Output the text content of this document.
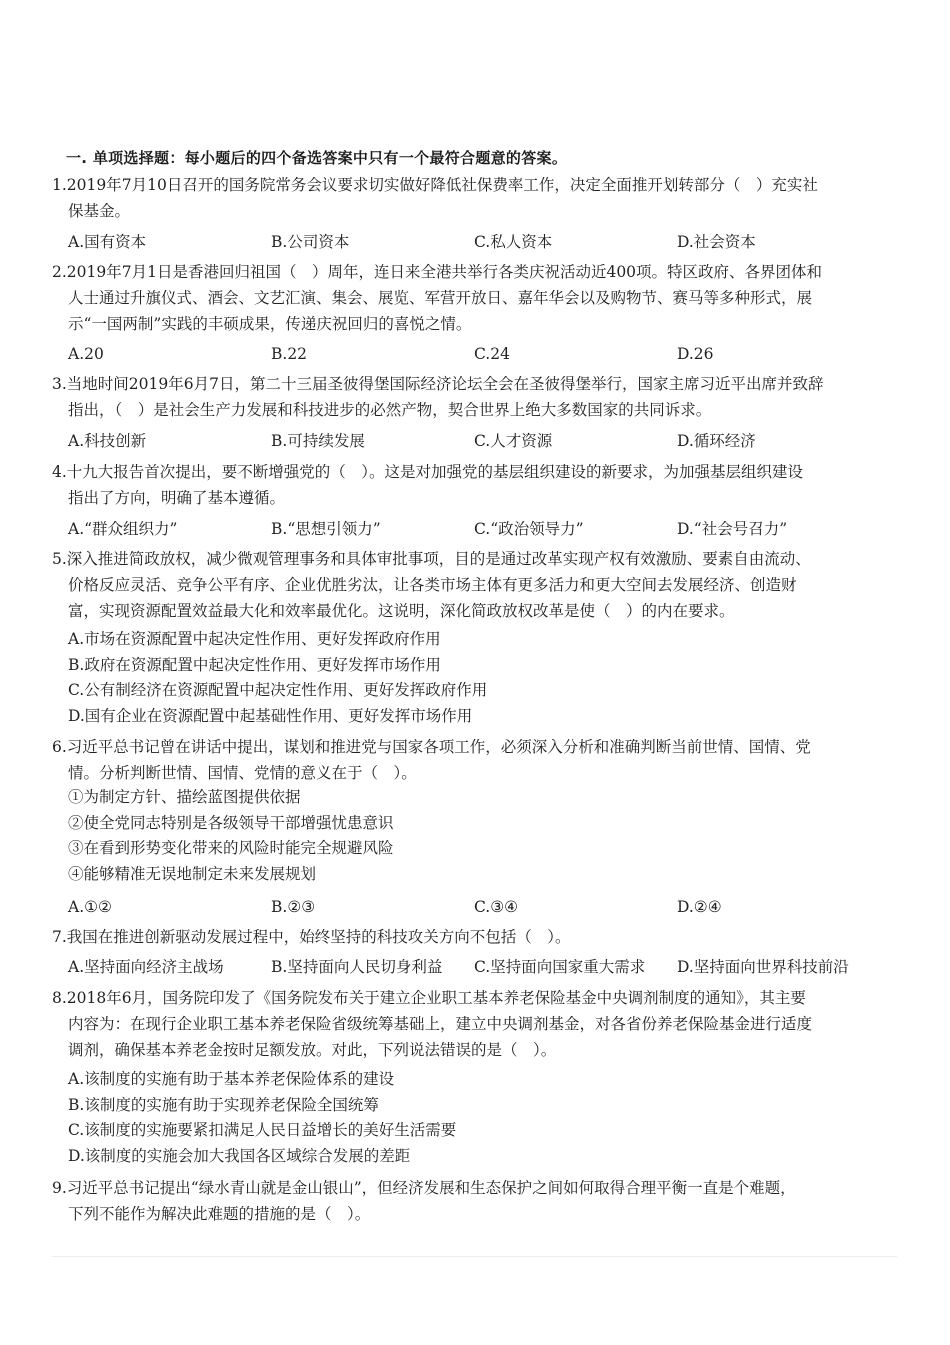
一. 单项选择题：每小题后的四个备选答案中只有一个最符合题意的答案。
1.2019年7月10日召开的国务院常务会议要求切实做好降低社保费率工作，决定全面推开划转部分（　）充实社
保基金。
A.国有资本	B.公司资本	C.私人资本	D.社会资本
2.2019年7月1日是香港回归祖国（　）周年，连日来全港共举行各类庆祝活动近400项。特区政府、各界团体和
人士通过升旗仪式、酒会、文艺汇演、集会、展览、军营开放日、嘉年华会以及购物节、赛马等多种形式，展
示“一国两制”实践的丰硕成果，传递庆祝回归的喜悦之情。
A.20	B.22	C.24	D.26
3.当地时间2019年6月7日，第二十三届圣彼得堡国际经济论坛全会在圣彼得堡举行，国家主席习近平出席并致辞
指出，（　）是社会生产力发展和科技进步的必然产物，契合世界上绝大多数国家的共同诉求。
A.科技创新	B.可持续发展	C.人才资源	D.循环经济
4.十九大报告首次提出，要不断增强党的（　）。这是对加强党的基层组织建设的新要求，为加强基层组织建设
指出了方向，明确了基本遵循。
A.“群众组织力”	B.“思想引领力”	C.“政治领导力”	D.“社会号召力”
5.深入推进简政放权，减少微观管理事务和具体审批事项，目的是通过改革实现产权有效激励、要素自由流动、
价格反应灵活、竞争公平有序、企业优胜劣汰，让各类市场主体有更多活力和更大空间去发展经济、创造财
富，实现资源配置效益最大化和效率最优化。这说明，深化简政放权改革是使（　）的内在要求。
A.市场在资源配置中起决定性作用、更好发挥政府作用
B.政府在资源配置中起决定性作用、更好发挥市场作用
C.公有制经济在资源配置中起决定性作用、更好发挥政府作用
D.国有企业在资源配置中起基础性作用、更好发挥市场作用
6.习近平总书记曾在讲话中提出，谋划和推进党与国家各项工作，必须深入分析和准确判断当前世情、国情、党
情。分析判断世情、国情、党情的意义在于（　）。
①为制定方针、描绘蓝图提供依据
②使全党同志特别是各级领导干部增强忧患意识
③在看到形势变化带来的风险时能完全规避风险
④能够精准无误地制定未来发展规划
A.①②	B.②③	C.③④	D.②④
7.我国在推进创新驱动发展过程中，始终坚持的科技攻关方向不包括（　）。
A.坚持面向经济主战场	B.坚持面向人民切身利益 C.坚持面向国家重大需求 D.坚持面向世界科技前沿
8.2018年6月，国务院印发了《国务院发布关于建立企业职工基本养老保险基金中央调剂制度的通知》，其主要
内容为：在现行企业职工基本养老保险省级统筹基础上，建立中央调剂基金，对各省份养老保险基金进行适度
调剂，确保基本养老金按时足额发放。对此，下列说法错误的是（　）。
A.该制度的实施有助于基本养老保险体系的建设
B.该制度的实施有助于实现养老保险全国统筹
C.该制度的实施要紧扣满足人民日益增长的美好生活需要
D.该制度的实施会加大我国各区域综合发展的差距
9.习近平总书记提出“绿水青山就是金山银山”，但经济发展和生态保护之间如何取得合理平衡一直是个难题，
下列不能作为解决此难题的措施的是（　）。
